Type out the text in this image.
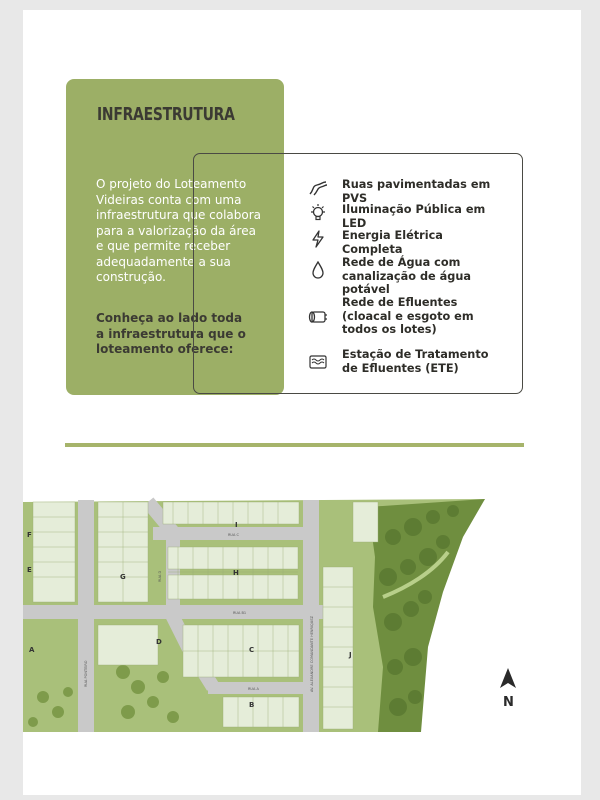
INFRAESTRUTURA
O projeto do Loteamento Videiras conta com uma infraestrutura que colabora para a valorização da área e que permite receber adequadamente a sua construção.
Conheça ao lado toda a infraestrutura que o loteamento oferece:
Ruas pavimentadas em PVS
Iluminação Pública em LED
Energia Elétrica Completa
Rede de Água com canalização de água potável
Rede de Efluentes (cloacal e esgoto em todos os lotes)
Estação de Tratamento de Efluentes (ETE)
I
H
G
F
E
D
C
B
A
J
RUA C
RUA B1
RUA A
RUA PONTEIRO	AV. ALEXANDRE COMANDANTE HENRIQUEZ
RUA D
N
